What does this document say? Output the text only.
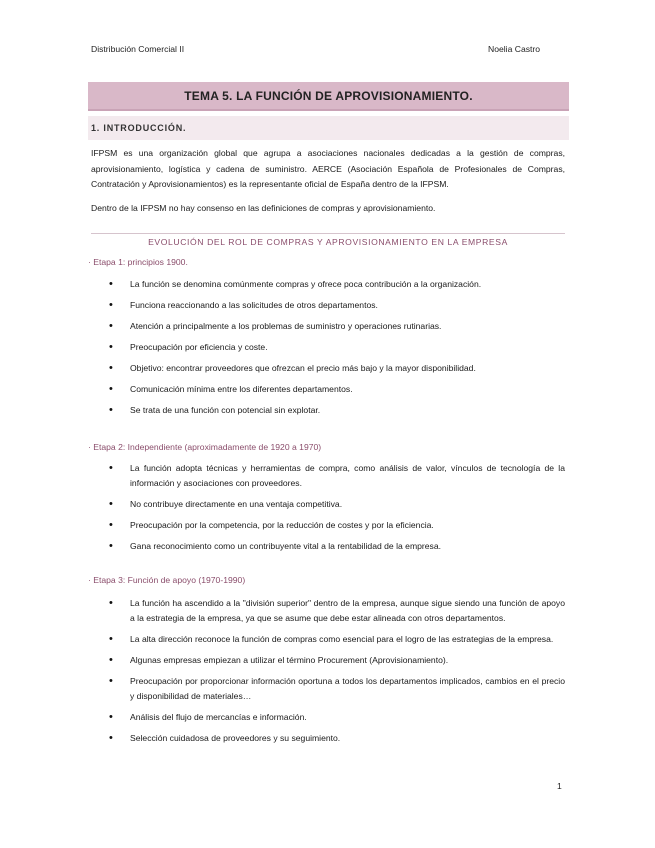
Distribución Comercial II	Noelia Castro
TEMA 5. LA FUNCIÓN DE APROVISIONAMIENTO.
1. INTRODUCCIÓN.
IFPSM es una organización global que agrupa a asociaciones nacionales dedicadas a la gestión de compras, aprovisionamiento, logística y cadena de suministro. AERCE (Asociación Española de Profesionales de Compras, Contratación y Aprovisionamientos) es la representante oficial de España dentro de la IFPSM.
Dentro de la IFPSM no hay consenso en las definiciones de compras y aprovisionamiento.
EVOLUCIÓN DEL ROL DE COMPRAS Y APROVISIONAMIENTO EN LA EMPRESA
· Etapa 1: principios 1900.
• La función se denomina comúnmente compras y ofrece poca contribución a la organización.
• Funciona reaccionando a las solicitudes de otros departamentos.
• Atención a principalmente a los problemas de suministro y operaciones rutinarias.
• Preocupación por eficiencia y coste.
• Objetivo: encontrar proveedores que ofrezcan el precio más bajo y la mayor disponibilidad.
• Comunicación mínima entre los diferentes departamentos.
• Se trata de una función con potencial sin explotar.
· Etapa 2: Independiente (aproximadamente de 1920 a 1970)
• La función adopta técnicas y herramientas de compra, como análisis de valor, vínculos de tecnología de la información y asociaciones con proveedores.
• No contribuye directamente en una ventaja competitiva.
• Preocupación por la competencia, por la reducción de costes y por la eficiencia.
• Gana reconocimiento como un contribuyente vital a la rentabilidad de la empresa.
· Etapa 3: Función de apoyo (1970-1990)
• La función ha ascendido a la "división superior" dentro de la empresa, aunque sigue siendo una función de apoyo a la estrategia de la empresa, ya que se asume que debe estar alineada con otros departamentos.
• La alta dirección reconoce la función de compras como esencial para el logro de las estrategias de la empresa.
• Algunas empresas empiezan a utilizar el término Procurement (Aprovisionamiento).
• Preocupación por proporcionar información oportuna a todos los departamentos implicados, cambios en el precio y disponibilidad de materiales…
• Análisis del flujo de mercancías e información.
• Selección cuidadosa de proveedores y su seguimiento.
1
